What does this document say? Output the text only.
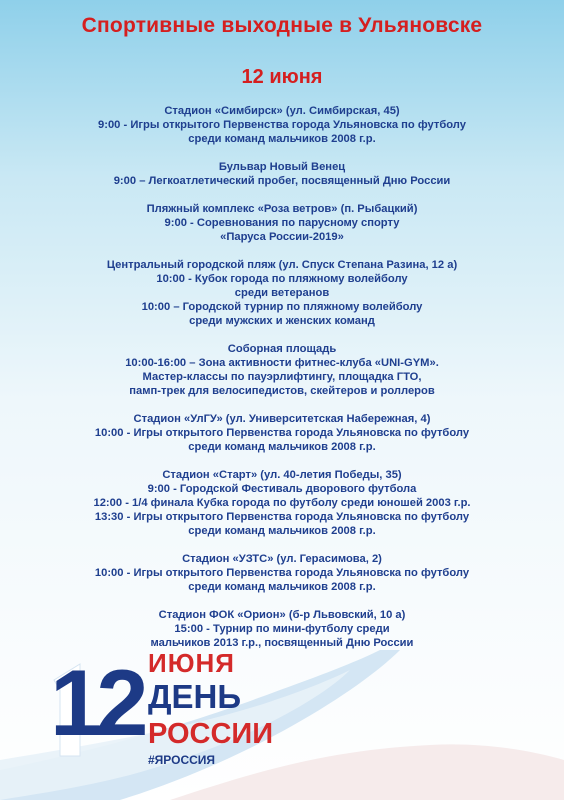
Спортивные выходные в Ульяновске
12 июня
Стадион «Симбирск» (ул. Симбирская, 45)
9:00 - Игры открытого Первенства города Ульяновска по футболу
среди команд мальчиков 2008 г.р.
Бульвар Новый Венец
9:00 – Легкоатлетический пробег, посвященный Дню России
Пляжный комплекс «Роза ветров» (п. Рыбацкий)
9:00 - Соревнования по парусному спорту
«Паруса России-2019»
Центральный городской пляж (ул. Спуск Степана Разина, 12 а)
10:00 - Кубок города по пляжному волейболу
среди ветеранов
10:00 – Городской турнир по пляжному волейболу
среди мужских и женских команд
Соборная площадь
10:00-16:00 – Зона активности фитнес-клуба «UNI-GYM».
Мастер-классы по пауэрлифтингу, площадка ГТО,
памп-трек для велосипедистов, скейтеров и роллеров
Стадион «УлГУ» (ул. Университетская Набережная, 4)
10:00 - Игры открытого Первенства города Ульяновска по футболу
среди команд мальчиков 2008 г.р.
Стадион «Старт» (ул. 40-летия Победы, 35)
9:00 - Городской Фестиваль дворового футбола
12:00 - 1/4 финала Кубка города по футболу среди юношей 2003 г.р.
13:30 - Игры открытого Первенства города Ульяновска по футболу
среди команд мальчиков 2008 г.р.
Стадион «УЗТС» (ул. Герасимова, 2)
10:00 - Игры открытого Первенства города Ульяновска по футболу
среди команд мальчиков 2008 г.р.
Стадион ФОК «Орион» (б-р Львовский, 10 а)
15:00 - Турнир по мини-футболу среди
мальчиков 2013 г.р., посвященный Дню России
12 ИЮНЯ
ДЕНЬ
РОССИИ
#ЯРОССИЯ
